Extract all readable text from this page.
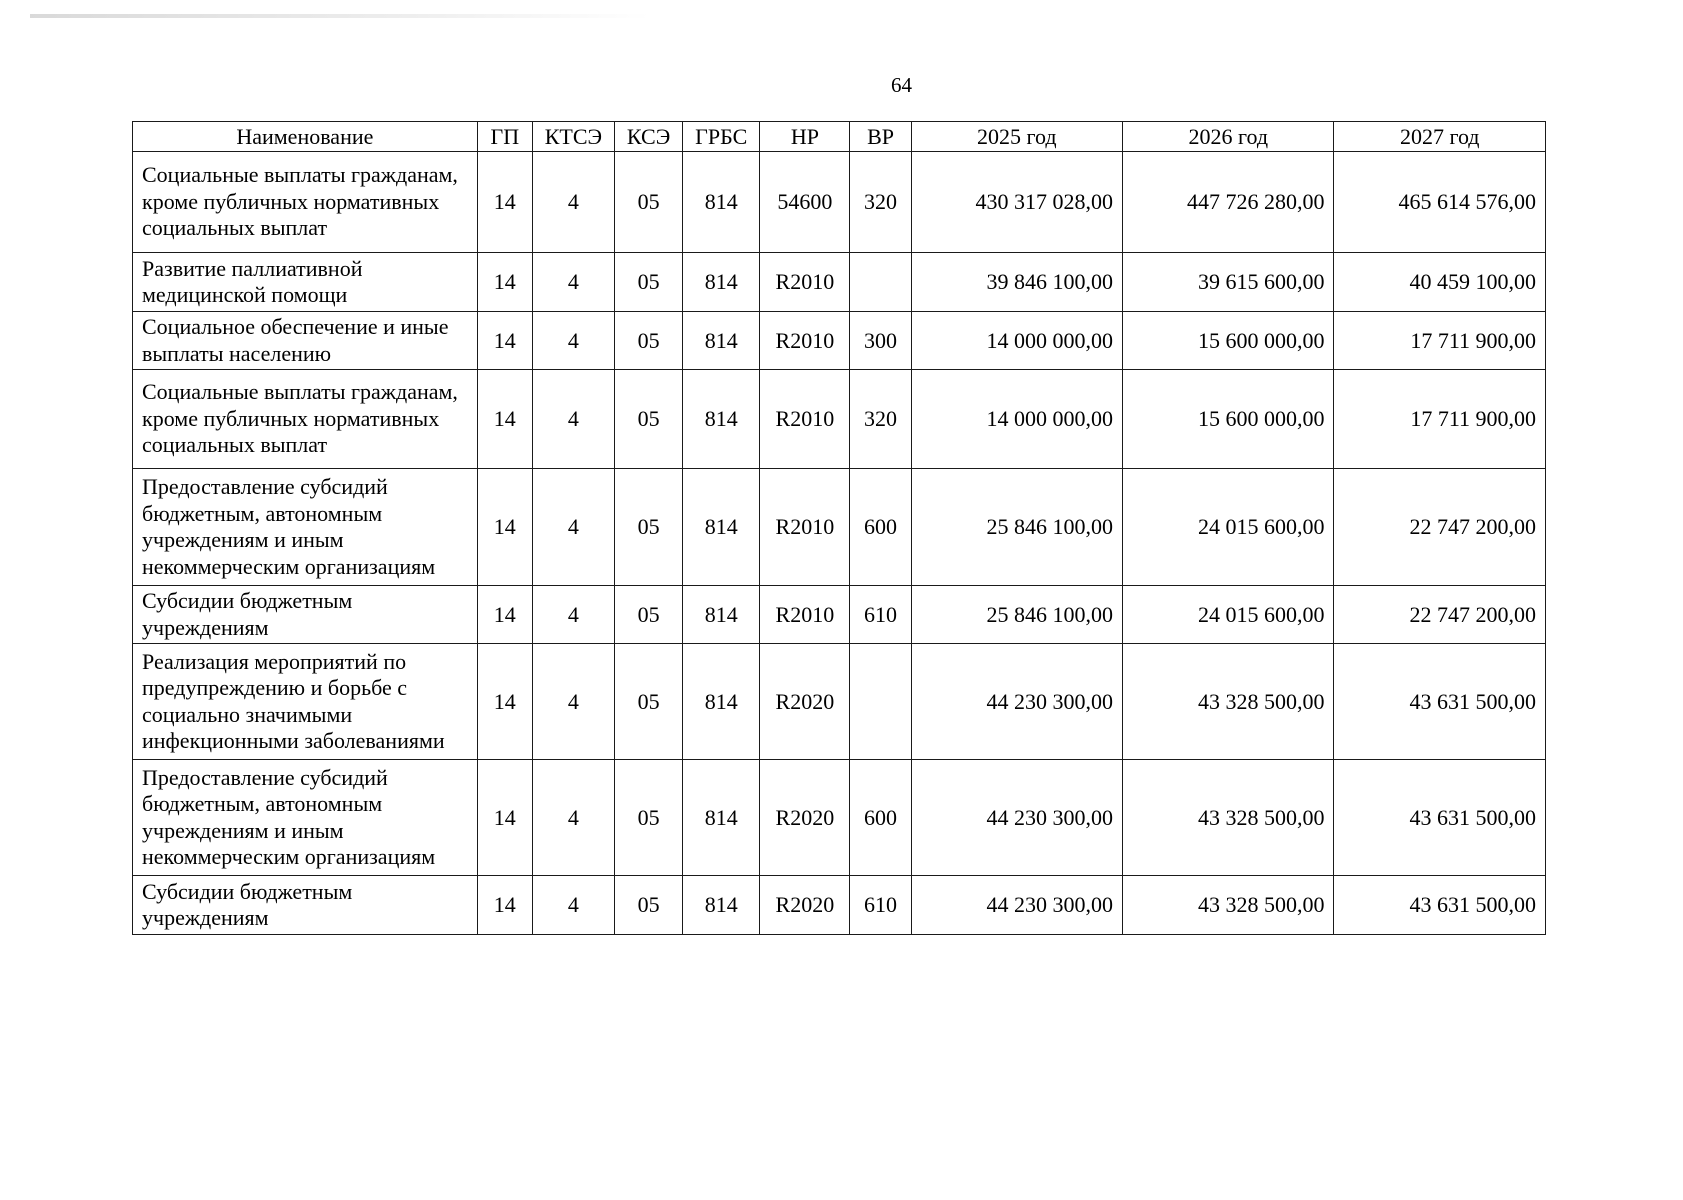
64
Наименование	ГП	КТСЭ	КСЭ	ГРБС	НР	ВР	2025 год	2026 год	2027 год
Социальные выплаты гражданам, кроме публичных нормативных социальных выплат	14	4	05	814	54600	320	430 317 028,00	447 726 280,00	465 614 576,00
Развитие паллиативной медицинской помощи	14	4	05	814	R2010		39 846 100,00	39 615 600,00	40 459 100,00
Социальное обеспечение и иные выплаты населению	14	4	05	814	R2010	300	14 000 000,00	15 600 000,00	17 711 900,00
Социальные выплаты гражданам, кроме публичных нормативных социальных выплат	14	4	05	814	R2010	320	14 000 000,00	15 600 000,00	17 711 900,00
Предоставление субсидий бюджетным, автономным учреждениям и иным некоммерческим организациям	14	4	05	814	R2010	600	25 846 100,00	24 015 600,00	22 747 200,00
Субсидии бюджетным учреждениям	14	4	05	814	R2010	610	25 846 100,00	24 015 600,00	22 747 200,00
Реализация мероприятий по предупреждению и борьбе с социально значимыми инфекционными заболеваниями	14	4	05	814	R2020		44 230 300,00	43 328 500,00	43 631 500,00
Предоставление субсидий бюджетным, автономным учреждениям и иным некоммерческим организациям	14	4	05	814	R2020	600	44 230 300,00	43 328 500,00	43 631 500,00
Субсидии бюджетным учреждениям	14	4	05	814	R2020	610	44 230 300,00	43 328 500,00	43 631 500,00
